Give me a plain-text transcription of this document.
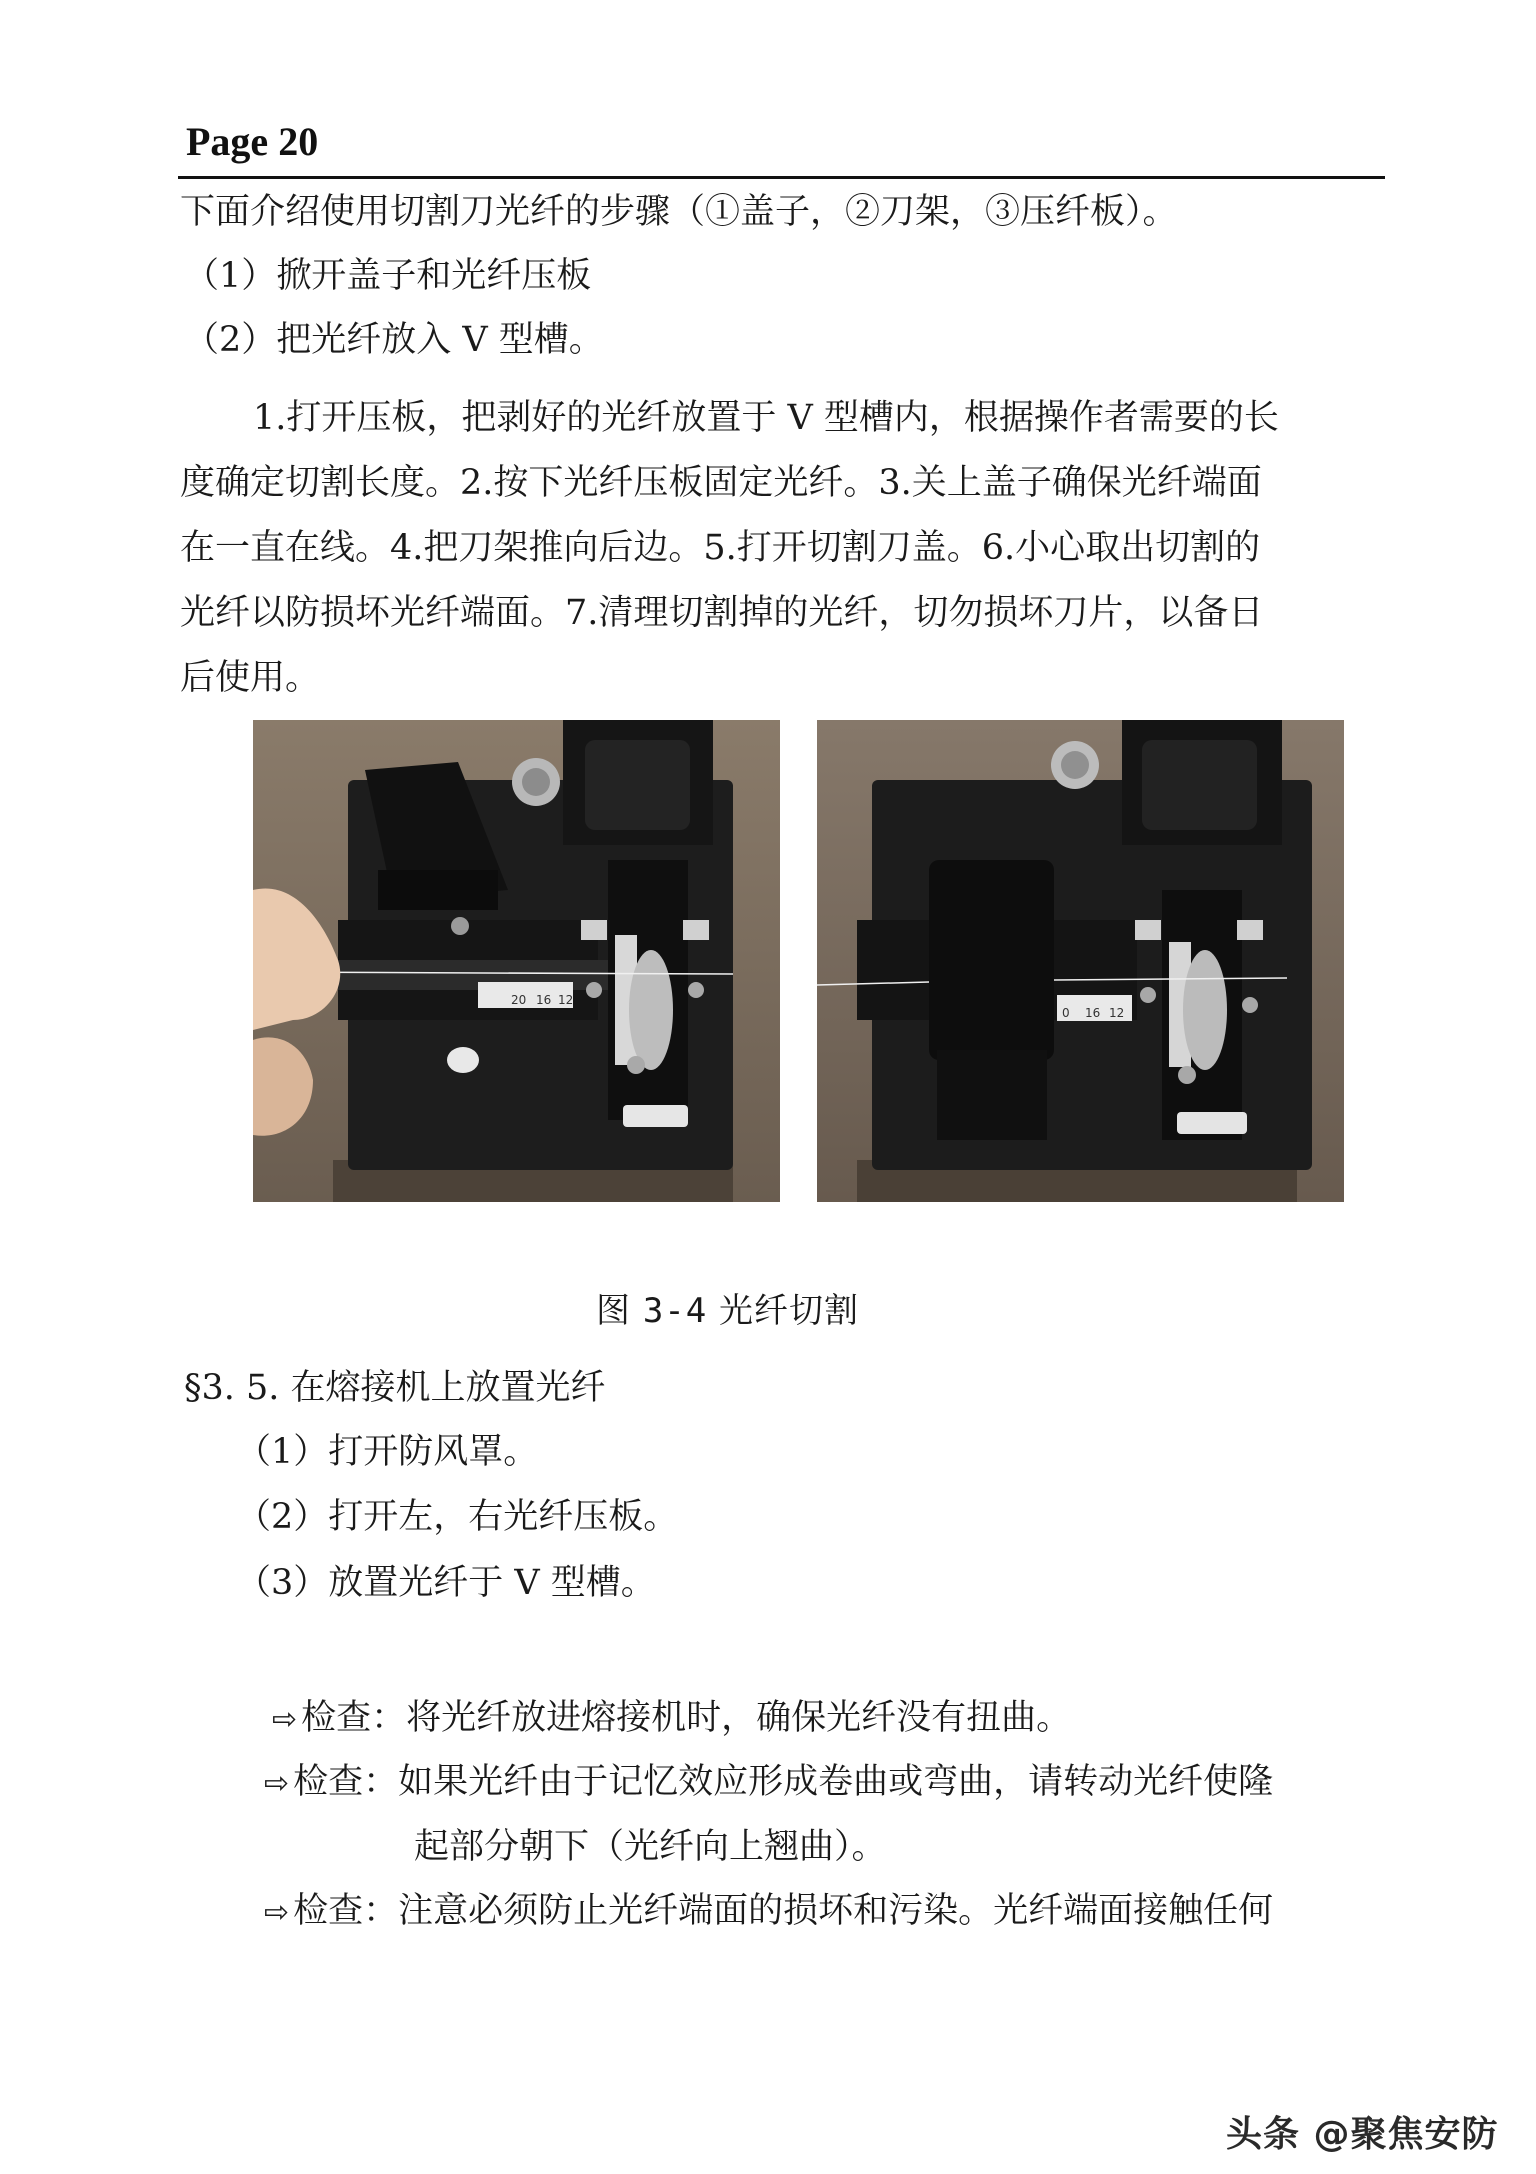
Page 20
下面介绍使用切割刀光纤的步骤（①盖子，②刀架，③压纤板）。
（1）掀开盖子和光纤压板
（2）把光纤放入 V 型槽。
1.打开压板，把剥好的光纤放置于 V 型槽内，根据操作者需要的长
度确定切割长度。2.按下光纤压板固定光纤。3.关上盖子确保光纤端面
在一直在线。4.把刀架推向后边。5.打开切割刀盖。6.小心取出切割的
光纤以防损坏光纤端面。7.清理切割掉的光纤，切勿损坏刀片，以备日
后使用。
20 16 12
0 16 12
图 3-4 光纤切割
§3. 5. 在熔接机上放置光纤
（1）打开防风罩。
（2）打开左，右光纤压板。
（3）放置光纤于 V 型槽。
⇨ 检查：将光纤放进熔接机时，确保光纤没有扭曲。
⇨ 检查：如果光纤由于记忆效应形成卷曲或弯曲，请转动光纤使隆
起部分朝下（光纤向上翘曲）。
⇨ 检查：注意必须防止光纤端面的损坏和污染。光纤端面接触任何
头条 @聚焦安防
